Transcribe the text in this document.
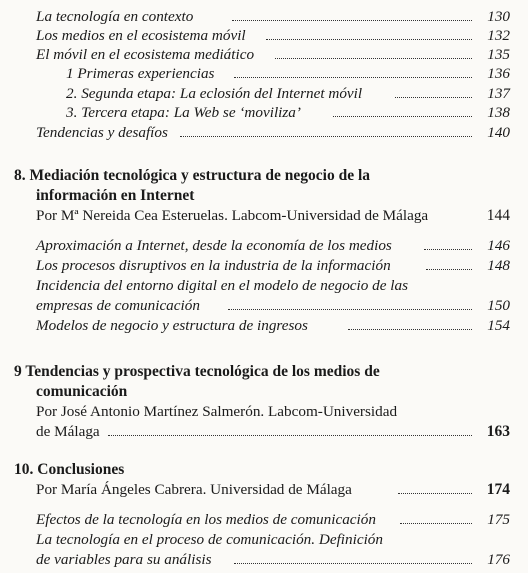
La tecnología en contexto	130
Los medios en el ecosistema móvil	132
El móvil en el ecosistema mediático	135
1 Primeras experiencias	136
2. Segunda etapa: La eclosión del Internet móvil	137
3. Tercera etapa: La Web se ‘moviliza’	138
Tendencias y desafíos	140
8. Mediación tecnológica y estructura de negocio de la
información en Internet
Por Mª Nereida Cea Esteruelas. Labcom-Universidad de Málaga	144
Aproximación a Internet, desde la economía de los medios	146
Los procesos disruptivos en la industria de la información	148
Incidencia del entorno digital en el modelo de negocio de las
empresas de comunicación	150
Modelos de negocio y estructura de ingresos	154
9 Tendencias y prospectiva tecnológica de los medios de
comunicación
Por José Antonio Martínez Salmerón. Labcom-Universidad
de Málaga	163
10. Conclusiones
Por María Ángeles Cabrera. Universidad de Málaga	174
Efectos de la tecnología en los medios de comunicación	175
La tecnología en el proceso de comunicación. Definición
de variables para su análisis	176
